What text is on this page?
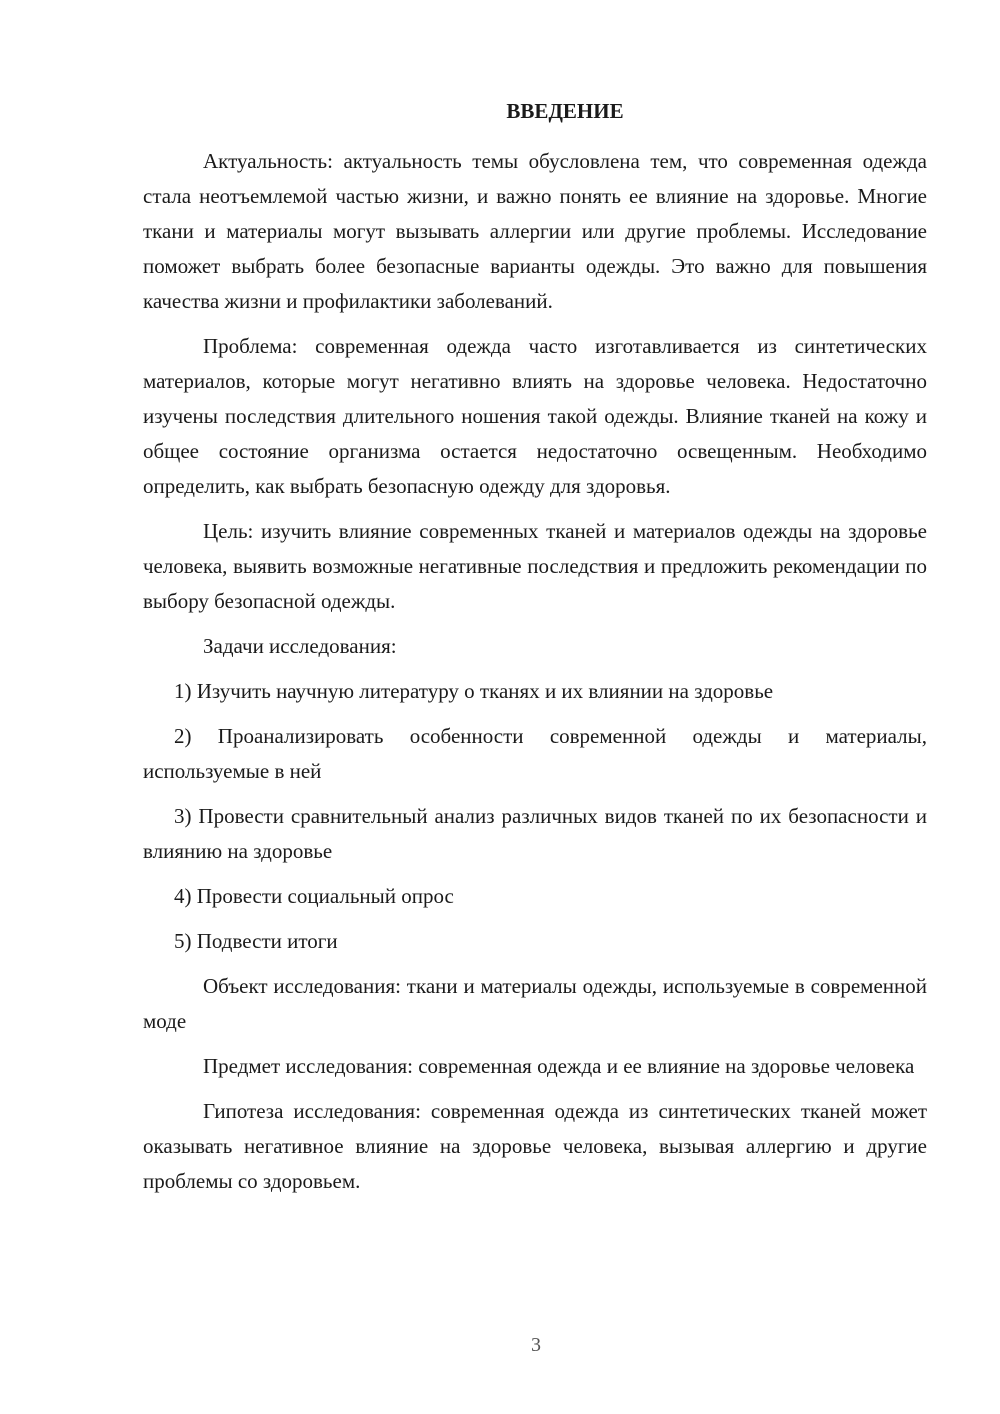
ВВЕДЕНИЕ

Актуальность: актуальность темы обусловлена тем, что современная одежда стала неотъемлемой частью жизни, и важно понять ее влияние на здоровье. Многие ткани и материалы могут вызывать аллергии или другие проблемы. Исследование поможет выбрать более безопасные варианты одежды. Это важно для повышения качества жизни и профилактики заболеваний.

Проблема: современная одежда часто изготавливается из синтетических материалов, которые могут негативно влиять на здоровье человека. Недостаточно изучены последствия длительного ношения такой одежды. Влияние тканей на кожу и общее состояние организма остается недостаточно освещенным. Необходимо определить, как выбрать безопасную одежду для здоровья.

Цель: изучить влияние современных тканей и материалов одежды на здоровье человека, выявить возможные негативные последствия и предложить рекомендации по выбору безопасной одежды.

Задачи исследования:

1) Изучить научную литературу о тканях и их влиянии на здоровье

2) Проанализировать особенности современной одежды и материалы, используемые в ней

3) Провести сравнительный анализ различных видов тканей по их безопасности и влиянию на здоровье

4) Провести социальный опрос

5) Подвести итоги

Объект исследования: ткани и материалы одежды, используемые в современной моде

Предмет исследования: современная одежда и ее влияние на здоровье человека

Гипотеза исследования: современная одежда из синтетических тканей может оказывать негативное влияние на здоровье человека, вызывая аллергию и другие проблемы со здоровьем.

3
